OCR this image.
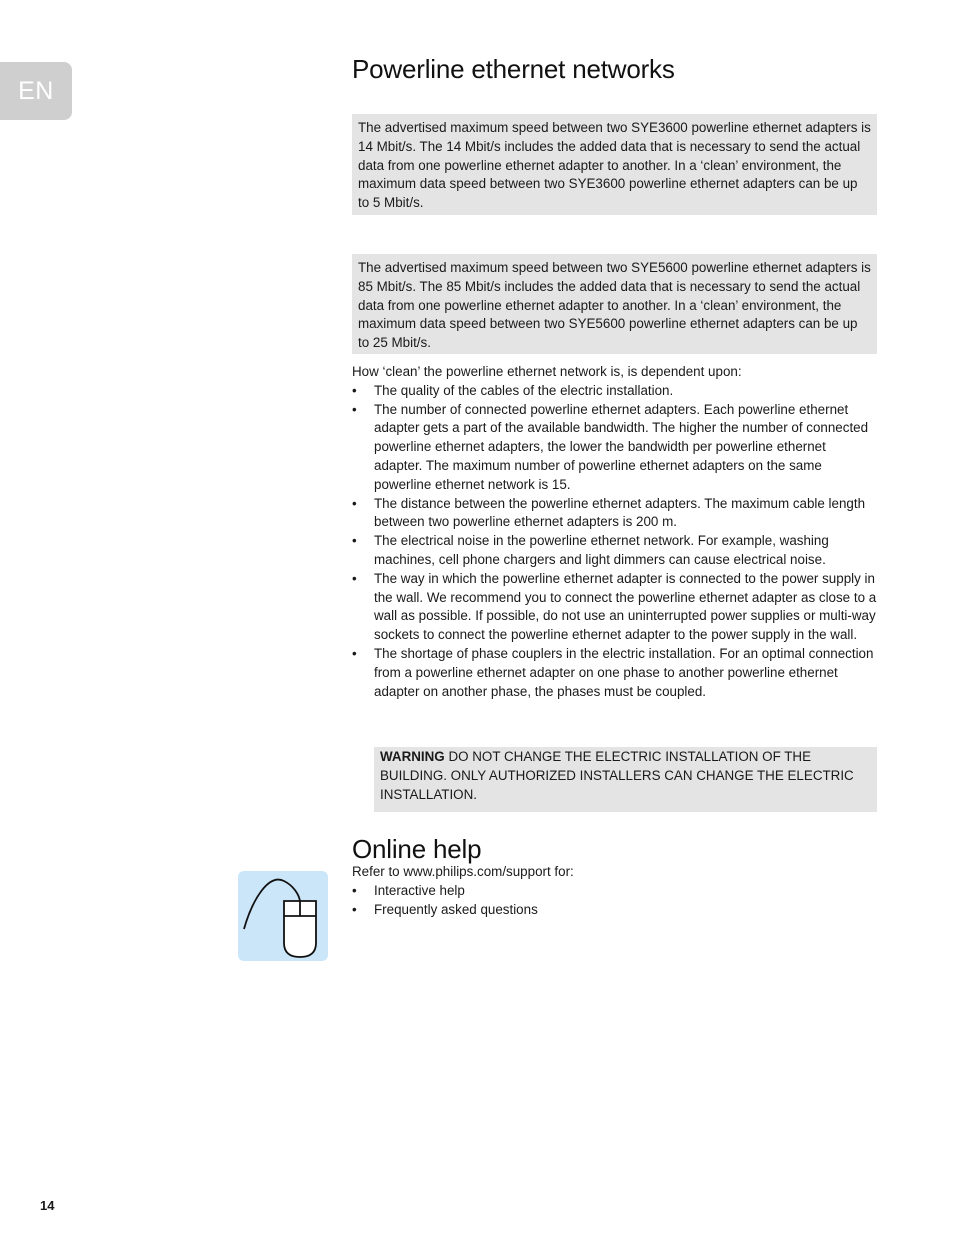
EN
Powerline ethernet networks
The advertised maximum speed between two SYE3600 powerline ethernet adapters is 14 Mbit/s. The 14 Mbit/s includes the added data that is necessary to send the actual data from one powerline ethernet adapter to another. In a ‘clean’ environment, the maximum data speed between two SYE3600 powerline ethernet adapters can be up to 5 Mbit/s.
The advertised maximum speed between two SYE5600 powerline ethernet adapters is 85 Mbit/s. The 85 Mbit/s includes the added data that is necessary to send the actual data from one powerline ethernet adapter to another. In a ‘clean’ environment, the maximum data speed between two SYE5600 powerline ethernet adapters can be up to 25 Mbit/s.
How ‘clean’ the powerline ethernet network is, is dependent upon:
• The quality of the cables of the electric installation.
• The number of connected powerline ethernet adapters. Each powerline ethernet adapter gets a part of the available bandwidth. The higher the number of connected powerline ethernet adapters, the lower the bandwidth per powerline ethernet adapter. The maximum number of powerline ethernet adapters on the same powerline ethernet network is 15.
• The distance between the powerline ethernet adapters. The maximum cable length between two powerline ethernet adapters is 200 m.
• The electrical noise in the powerline ethernet network. For example, washing machines, cell phone chargers and light dimmers can cause electrical noise.
• The way in which the powerline ethernet adapter is connected to the power supply in the wall. We recommend you to connect the powerline ethernet adapter as close to a wall as possible. If possible, do not use an uninterrupted power supplies or multi-way sockets to connect the powerline ethernet adapter to the power supply in the wall.
• The shortage of phase couplers in the electric installation. For an optimal connection from a powerline ethernet adapter on one phase to another powerline ethernet adapter on another phase, the phases must be coupled.
WARNING DO NOT CHANGE THE ELECTRIC INSTALLATION OF THE BUILDING. ONLY AUTHORIZED INSTALLERS CAN CHANGE THE ELECTRIC INSTALLATION.
Online help
Refer to www.philips.com/support for:
• Interactive help
• Frequently asked questions
14
